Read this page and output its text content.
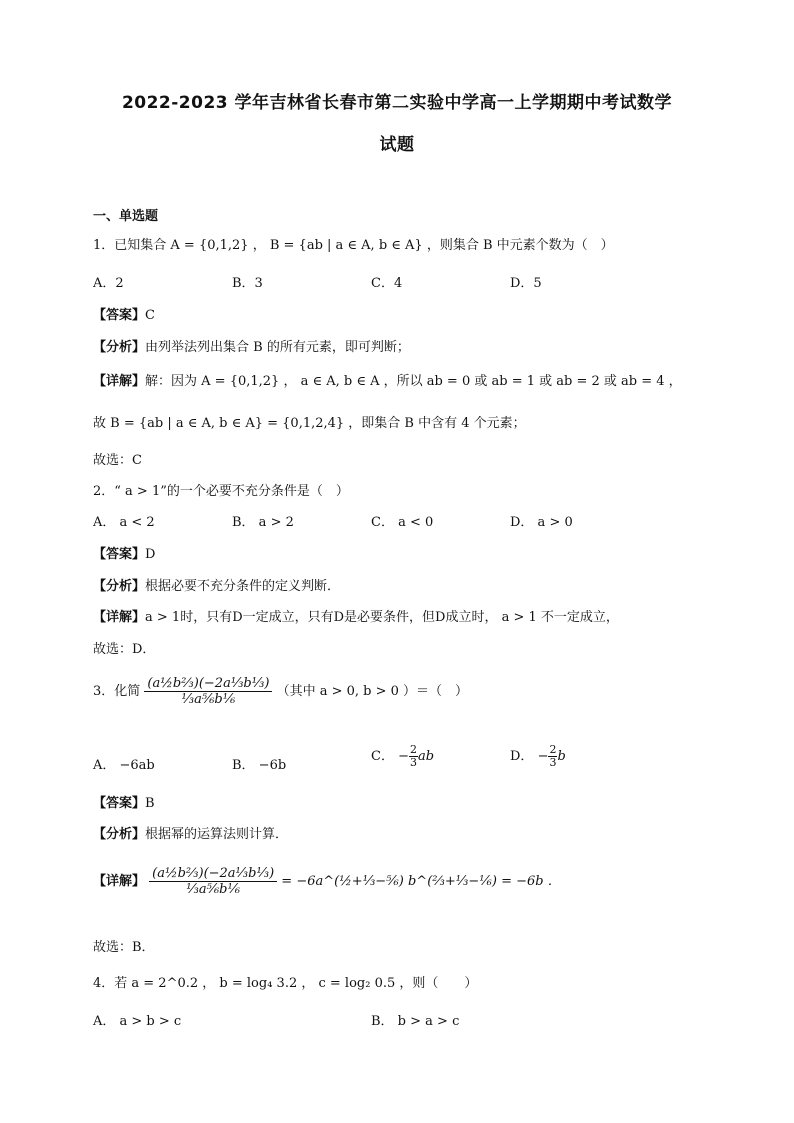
2022-2023 学年吉林省长春市第二实验中学高一上学期期中考试数学
试题
一、单选题
1．已知集合 A = {0,1,2} ， B = {ab | a ∈ A, b ∈ A} ，则集合 B 中元素个数为（　）
A．2	B．3	C．4	D．5
【答案】C
【分析】由列举法列出集合 B 的所有元素，即可判断；
【详解】解：因为 A = {0,1,2} ， a ∈ A, b ∈ A ，所以 ab = 0 或 ab = 1 或 ab = 2 或 ab = 4 ，
故 B = {ab | a ∈ A, b ∈ A} = {0,1,2,4} ，即集合 B 中含有 4 个元素；
故选：C
2．“ a > 1”的一个必要不充分条件是（　）
A． a < 2	B． a > 2	C． a < 0	D． a > 0
【答案】D
【分析】根据必要不充分条件的定义判断．
【详解】a > 1时，只有D一定成立，只有D是必要条件，但D成立时， a > 1 不一定成立，
故选：D．
3．化简 $\frac{\text{(a½b⅔)(−2a⅓b⅓)}}{\text{⅓a⅚b⅙}}$ （其中 a > 0, b > 0 ）＝（　）
A． −6ab	B． −6b
C． − $\frac{2}{3}$ ab	D． − $\frac{2}{3}$ b
【答案】B
【分析】根据幂的运算法则计算．
【详解】 $\frac{\text{(a½b⅔)(−2a⅓b⅓)}}{\text{⅓a⅚b⅙}}$ = −6a^(½+⅓−⅚) b^(⅔+⅓−⅙) = −6b ．
故选：B．
4．若 a = 2^0.2 ， b = log₄ 3.2 ， c = log₂ 0.5 ，则（　　）
A． a > b > c	B． b > a > c
